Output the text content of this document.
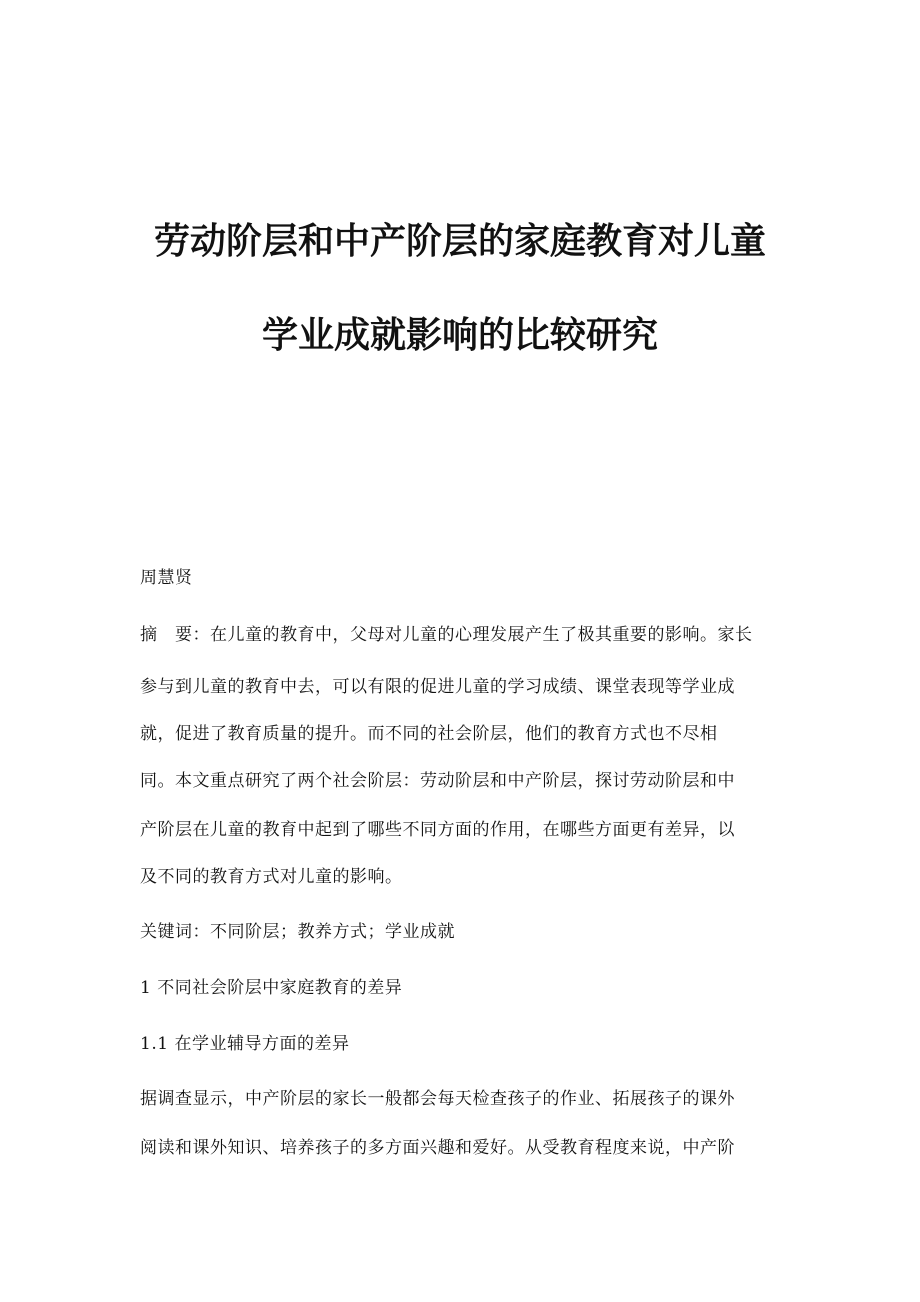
劳动阶层和中产阶层的家庭教育对儿童
学业成就影响的比较研究
周慧贤
摘　要：在儿童的教育中，父母对儿童的心理发展产生了极其重要的影响。家长
参与到儿童的教育中去，可以有限的促进儿童的学习成绩、课堂表现等学业成
就，促进了教育质量的提升。而不同的社会阶层，他们的教育方式也不尽相
同。本文重点研究了两个社会阶层：劳动阶层和中产阶层，探讨劳动阶层和中
产阶层在儿童的教育中起到了哪些不同方面的作用，在哪些方面更有差异，以
及不同的教育方式对儿童的影响。
关键词：不同阶层；教养方式；学业成就
1 不同社会阶层中家庭教育的差异
1.1 在学业辅导方面的差异
据调查显示，中产阶层的家长一般都会每天检查孩子的作业、拓展孩子的课外
阅读和课外知识、培养孩子的多方面兴趣和爱好。从受教育程度来说，中产阶
